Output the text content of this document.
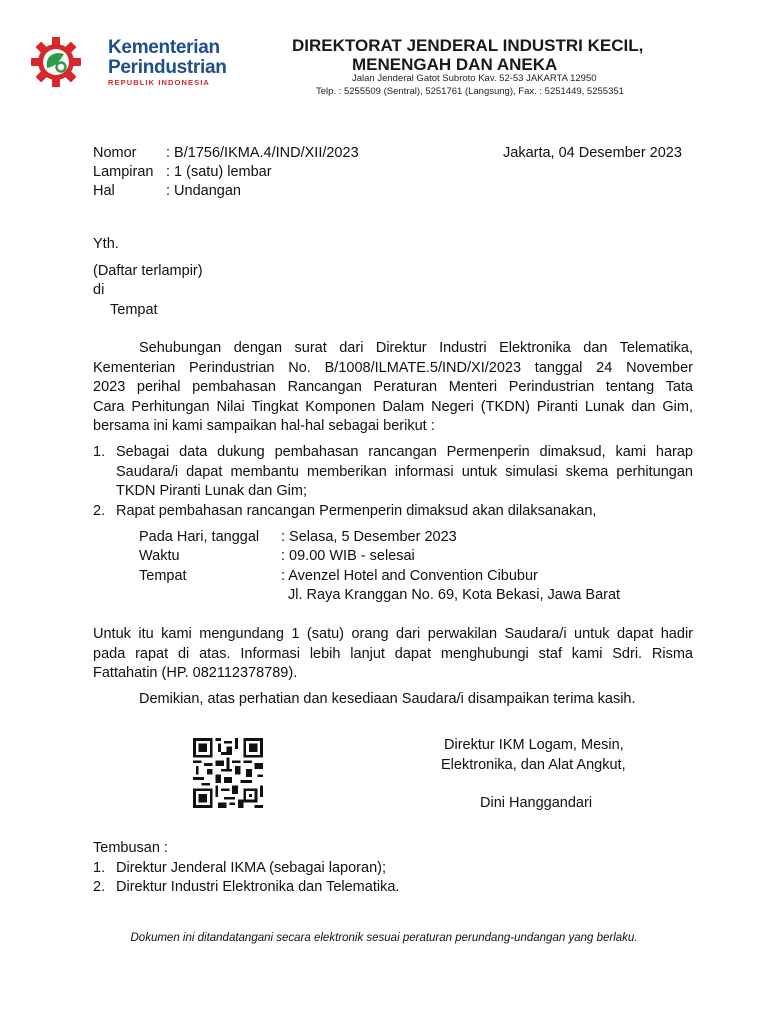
Kementerian
Perindustrian
REPUBLIK INDONESIA
DIREKTORAT JENDERAL INDUSTRI KECIL,
MENENGAH DAN ANEKA
Jalan Jenderal Gatot Subroto Kav. 52-53 JAKARTA 12950
Telp. : 5255509 (Sentral), 5251761 (Langsung), Fax. : 5251449, 5255351
Nomor : B/1756/IKMA.4/IND/XII/2023
Lampiran : 1 (satu) lembar
Hal	: Undangan
Jakarta, 04 Desember 2023
Yth.
(Daftar terlampir)
di
Tempat
Sehubungan dengan surat dari Direktur Industri Elektronika dan Telematika,
Kementerian Perindustrian No. B/1008/ILMATE.5/IND/XI/2023 tanggal 24 November
2023 perihal pembahasan Rancangan Peraturan Menteri Perindustrian tentang Tata
Cara Perhitungan Nilai Tingkat Komponen Dalam Negeri (TKDN) Piranti Lunak dan Gim,
bersama ini kami sampaikan hal-hal sebagai berikut :
1. Sebagai data dukung pembahasan rancangan Permenperin dimaksud, kami harap
Saudara/i dapat membantu memberikan informasi untuk simulasi skema perhitungan
TKDN Piranti Lunak dan Gim;
2. Rapat pembahasan rancangan Permenperin dimaksud akan dilaksanakan,
Pada Hari, tanggal : Selasa, 5 Desember 2023
Waktu	: 09.00 WIB - selesai
Tempat	: Avenzel Hotel and Convention Cibubur
Jl. Raya Kranggan No. 69, Kota Bekasi, Jawa Barat
Untuk itu kami mengundang 1 (satu) orang dari perwakilan Saudara/i untuk dapat hadir
pada rapat di atas. Informasi lebih lanjut dapat menghubungi staf kami Sdri. Risma
Fattahatin (HP. 082112378789).
Demikian, atas perhatian dan kesediaan Saudara/i disampaikan terima kasih.
Direktur IKM Logam, Mesin,
Elektronika, dan Alat Angkut,
Dini Hanggandari
Tembusan :
1. Direktur Jenderal IKMA (sebagai laporan);
2. Direktur Industri Elektronika dan Telematika.
Dokumen ini ditandatangani secara elektronik sesuai peraturan perundang-undangan yang berlaku.
